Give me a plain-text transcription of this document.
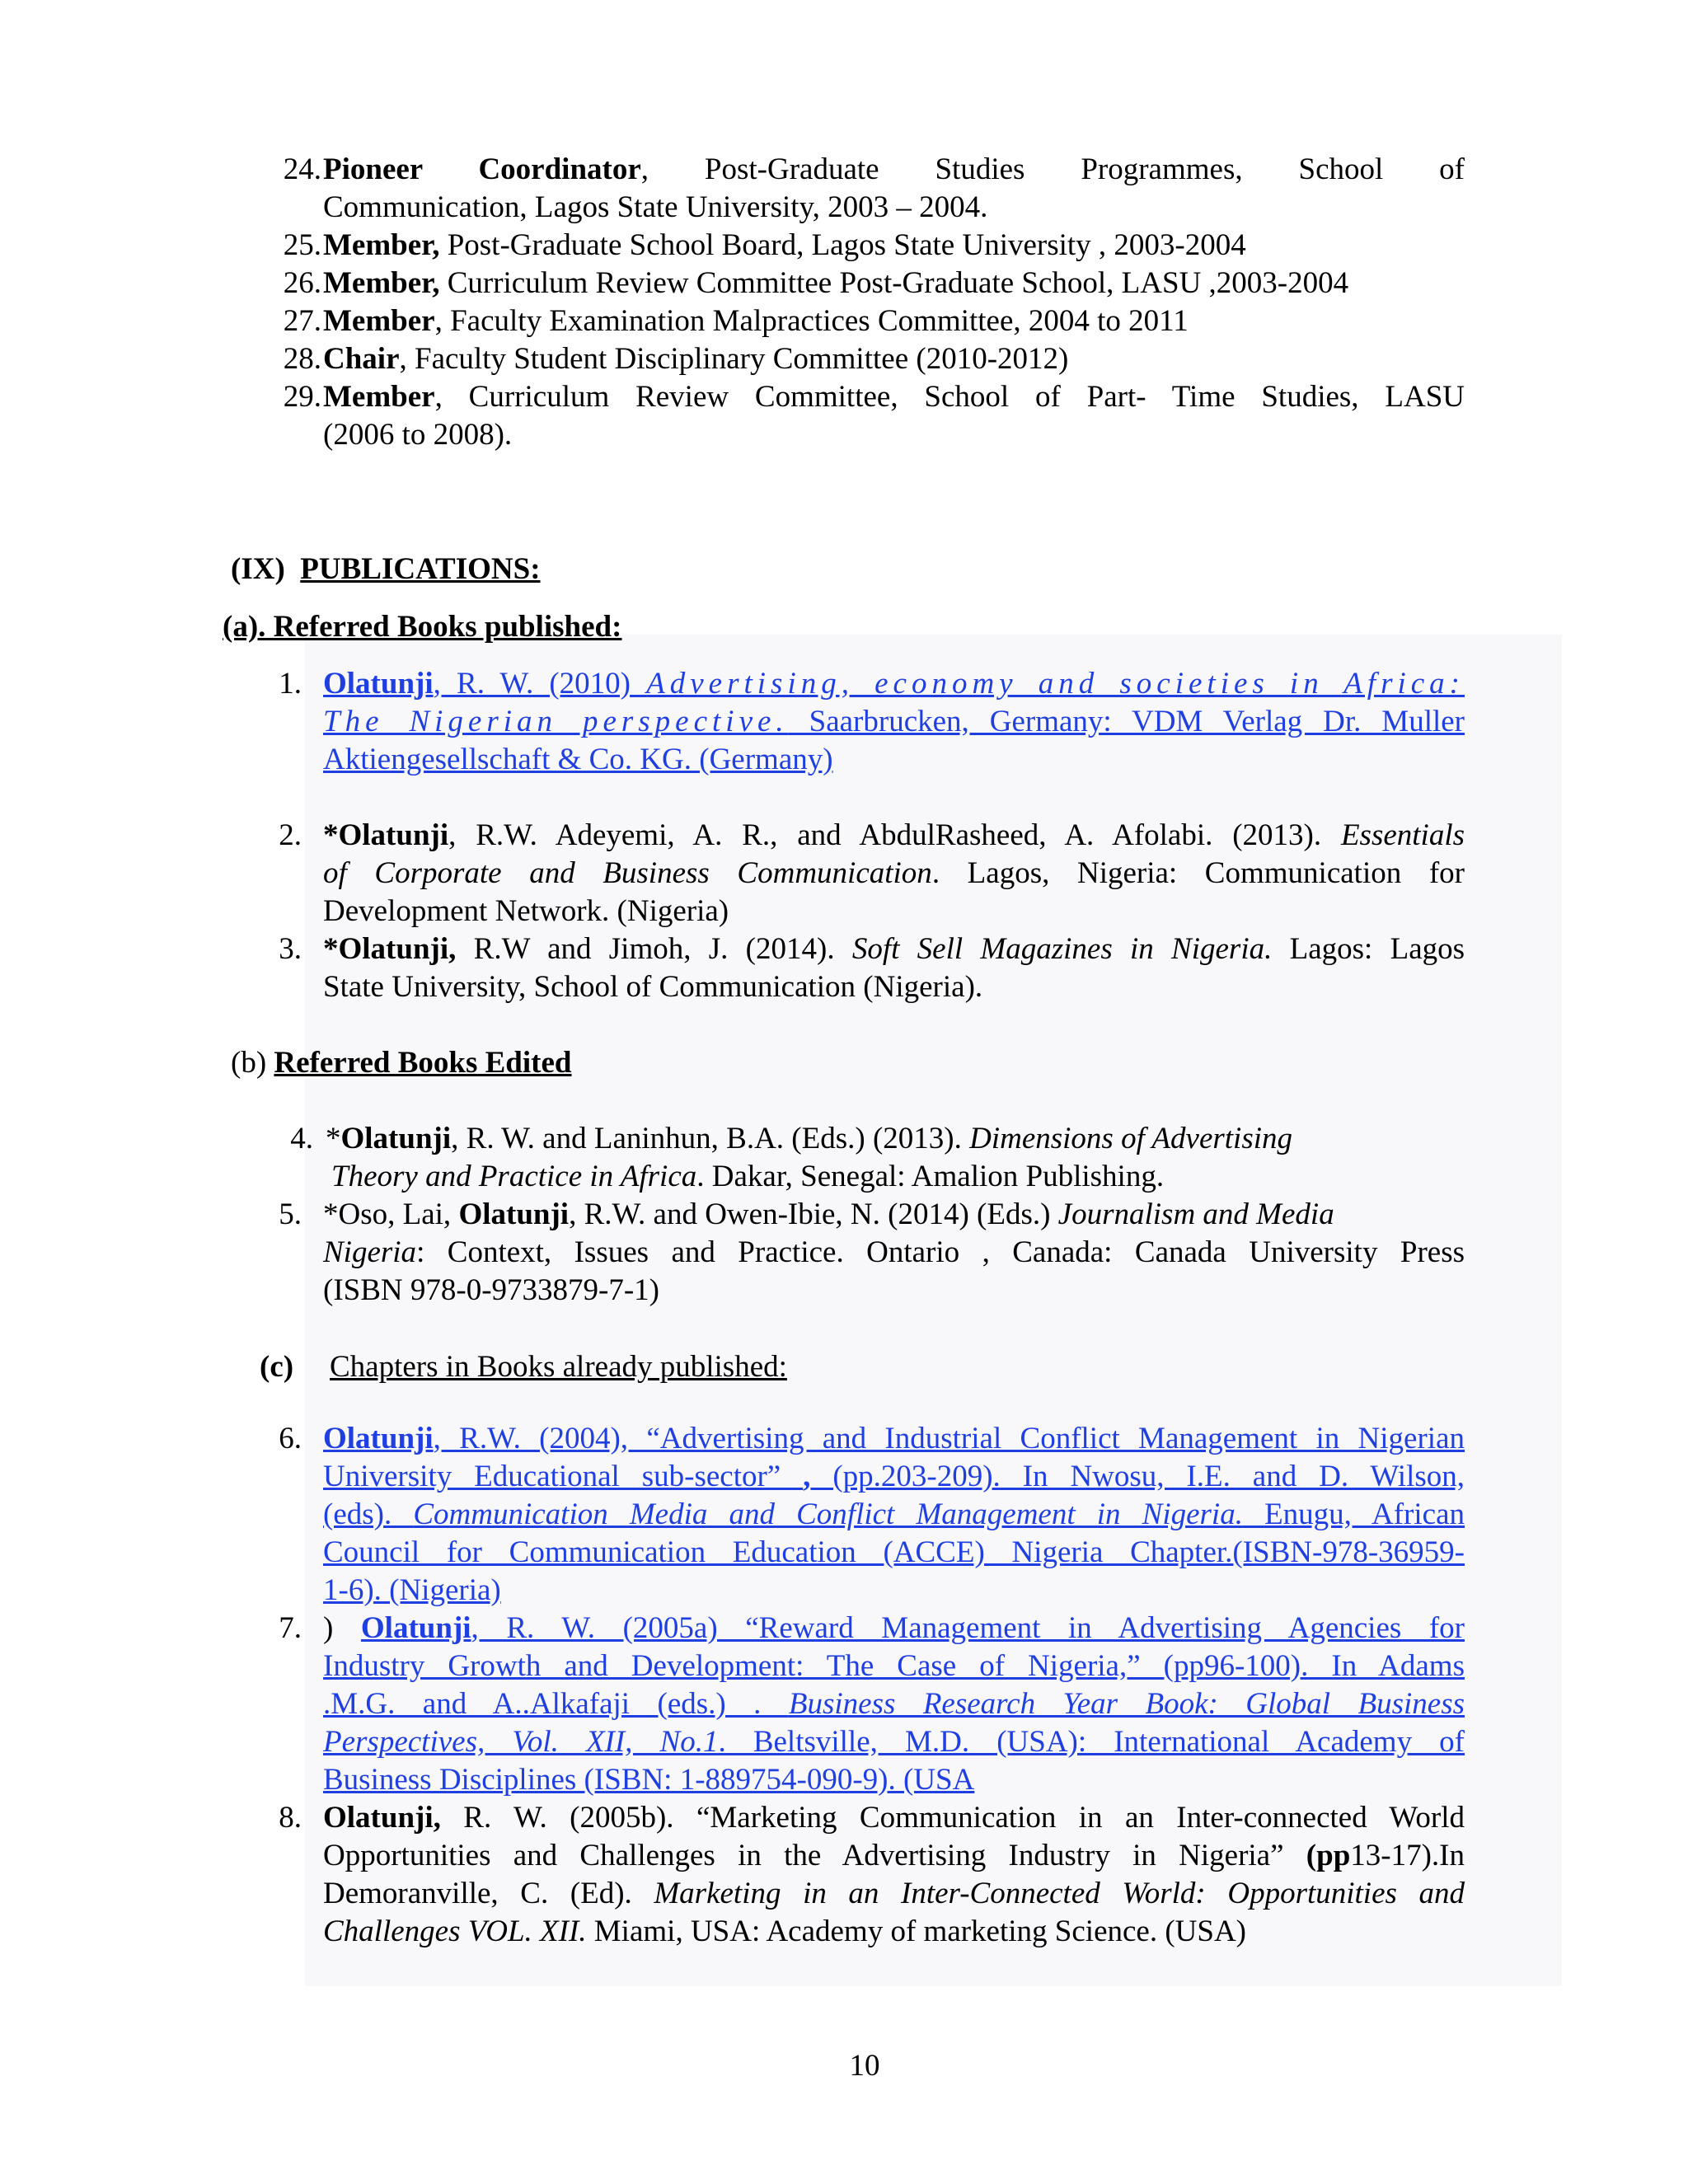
24. Pioneer Coordinator, Post-Graduate Studies Programmes, School of
Communication, Lagos State University, 2003 – 2004.
25. Member, Post-Graduate School Board, Lagos State University , 2003-2004
26. Member, Curriculum Review Committee Post-Graduate School, LASU ,2003-2004
27. Member, Faculty Examination Malpractices Committee, 2004 to 2011
28. Chair, Faculty Student Disciplinary Committee (2010-2012)
29. Member, Curriculum Review Committee, School of Part- Time Studies, LASU
(2006 to 2008).
(IX) PUBLICATIONS:
(a). Referred Books published:
1. Olatunji, R. W. (2010) Advertising, economy and societies in Africa:
The Nigerian perspective. Saarbrucken, Germany: VDM Verlag Dr. Muller
Aktiengesellschaft & Co. KG. (Germany)
2. *Olatunji, R.W. Adeyemi, A. R., and AbdulRasheed, A. Afolabi. (2013). Essentials
of Corporate and Business Communication. Lagos, Nigeria: Communication for
Development Network. (Nigeria)
3. *Olatunji, R.W and Jimoh, J. (2014). Soft Sell Magazines in Nigeria. Lagos: Lagos
State University, School of Communication (Nigeria).
(b) Referred Books Edited
4. *Olatunji, R. W. and Laninhun, B.A. (Eds.) (2013). Dimensions of Advertising
Theory and Practice in Africa. Dakar, Senegal: Amalion Publishing.
5. *Oso, Lai, Olatunji, R.W. and Owen-Ibie, N. (2014) (Eds.) Journalism and Media
Nigeria: Context, Issues and Practice. Ontario , Canada: Canada University Press
(ISBN 978-0-9733879-7-1)
(c) Chapters in Books already published:
6. Olatunji, R.W. (2004), “Advertising and Industrial Conflict Management in Nigerian
University Educational sub-sector” , (pp.203-209). In Nwosu, I.E. and D. Wilson,
(eds). Communication Media and Conflict Management in Nigeria. Enugu, African
Council for Communication Education (ACCE) Nigeria Chapter.(ISBN-978-36959-
1-6). (Nigeria)
7. ) Olatunji, R. W. (2005a) “Reward Management in Advertising Agencies for
Industry Growth and Development: The Case of Nigeria,” (pp96-100). In Adams
.M.G. and A..Alkafaji (eds.) . Business Research Year Book: Global Business
Perspectives, Vol. XII, No.1. Beltsville, M.D. (USA): International Academy of
Business Disciplines (ISBN: 1-889754-090-9). (USA
8. Olatunji, R. W. (2005b). “Marketing Communication in an Inter-connected World
Opportunities and Challenges in the Advertising Industry in Nigeria” (pp13-17).In
Demoranville, C. (Ed). Marketing in an Inter-Connected World: Opportunities and
Challenges VOL. XII. Miami, USA: Academy of marketing Science. (USA)
10
